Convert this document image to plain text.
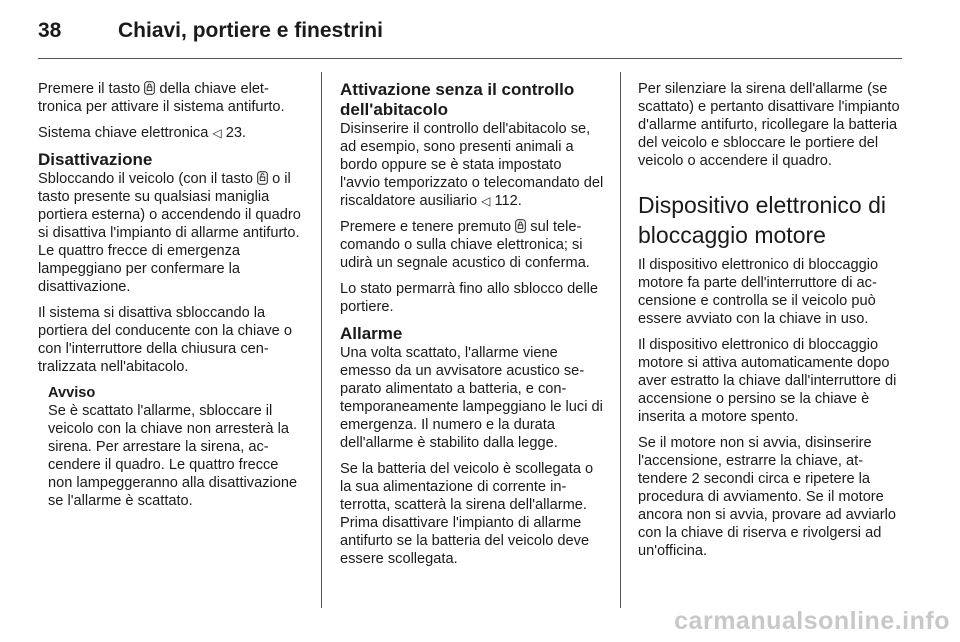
38	Chiavi, portiere e finestrini

Premere il tasto della chiave elettronica per attivare il sistema antifurto.

Sistema chiave elettronica ◁ 23.

Disattivazione

Sbloccando il veicolo (con il tasto o il tasto presente su qualsiasi maniglia portiera esterna) o accendendo il quadro si disattiva l'impianto di allarme antifurto. Le quattro frecce di emergenza lampeggiano per confermare la disattivazione.

Il sistema si disattiva sbloccando la portiera del conducente con la chiave o con l'interruttore della chiusura centralizzata nell'abitacolo.

Avviso

Se è scattato l'allarme, sbloccare il veicolo con la chiave non arresterà la sirena. Per arrestare la sirena, accendere il quadro. Le quattro frecce non lampeggeranno alla disattivazione se l'allarme è scattato.

Attivazione senza il controllo dell'abitacolo

Disinserire il controllo dell'abitacolo se, ad esempio, sono presenti animali a bordo oppure se è stata impostato l'avvio temporizzato o telecomandato del riscaldatore ausiliario ◁ 112.

Premere e tenere premuto sul telecomando o sulla chiave elettronica; si udirà un segnale acustico di conferma.

Lo stato permarrà fino allo sblocco delle portiere.

Allarme

Una volta scattato, l'allarme viene emesso da un avvisatore acustico separato alimentato a batteria, e contemporaneamente lampeggiano le luci di emergenza. Il numero e la durata dell'allarme è stabilito dalla legge.

Se la batteria del veicolo è scollegata o la sua alimentazione di corrente interrotta, scatterà la sirena dell'allarme. Prima disattivare l'impianto di allarme antifurto se la batteria del veicolo deve essere scollegata.

Per silenziare la sirena dell'allarme (se scattato) e pertanto disattivare l'impianto d'allarme antifurto, ricollegare la batteria del veicolo e sbloccare le portiere del veicolo o accendere il quadro.

Dispositivo elettronico di bloccaggio motore

Il dispositivo elettronico di bloccaggio motore fa parte dell'interruttore di accensione e controlla se il veicolo può essere avviato con la chiave in uso.

Il dispositivo elettronico di bloccaggio motore si attiva automaticamente dopo aver estratto la chiave dall'interruttore di accensione o persino se la chiave è inserita a motore spento.

Se il motore non si avvia, disinserire l'accensione, estrarre la chiave, attendere 2 secondi circa e ripetere la procedura di avviamento. Se il motore ancora non si avvia, provare ad avviarlo con la chiave di riserva e rivolgersi ad un'officina.

carmanualsonline.info
